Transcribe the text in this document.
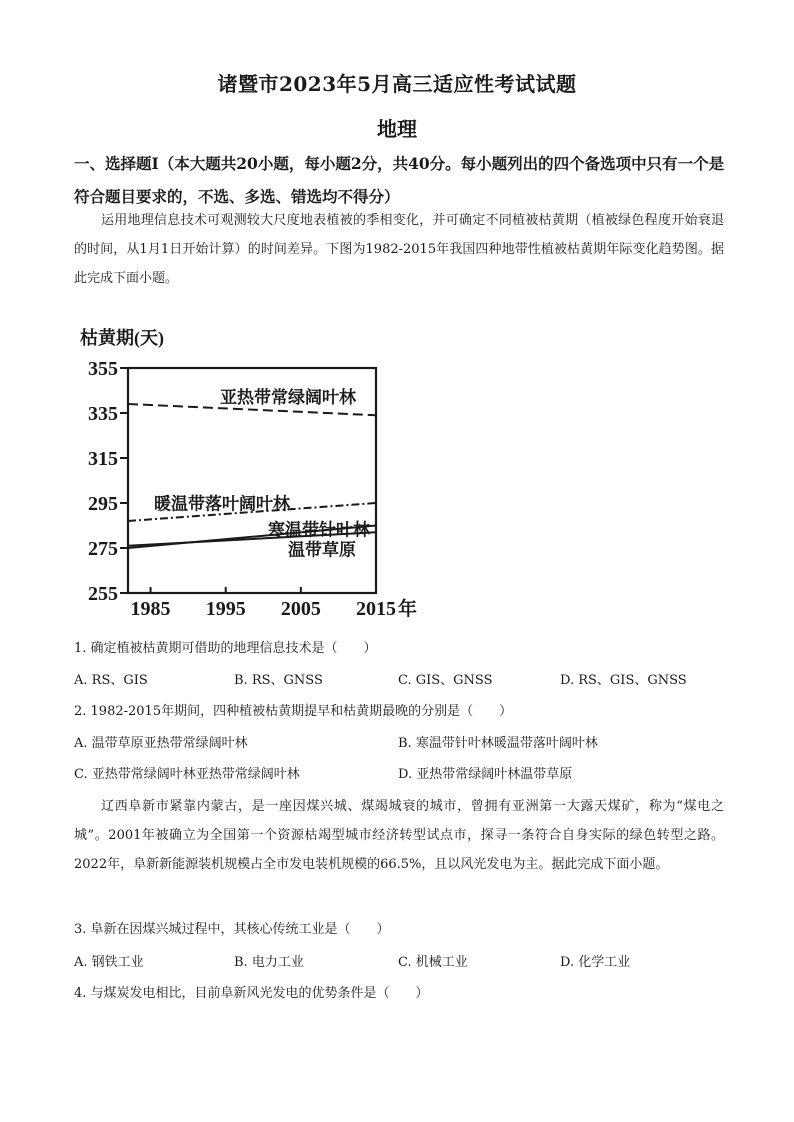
诸暨市2023年5月高三适应性考试试题
地理
一、选择题Ⅰ（本大题共20小题，每小题2分，共40分。每小题列出的四个备选项中只有一个是符合题目要求的，不选、多选、错选均不得分）
运用地理信息技术可观测较大尺度地表植被的季相变化，并可确定不同植被枯黄期（植被绿色程度开始衰退的时间，从1月1日开始计算）的时间差异。下图为1982-2015年我国四种地带性植被枯黄期年际变化趋势图。据此完成下面小题。
枯黄期(天)
355
335
315
295
275
255
1985 1995 2005 2015 年
亚热带常绿阔叶林
暖温带落叶阔叶林
寒温带针叶林
温带草原
1. 确定植被枯黄期可借助的地理信息技术是（　　）
A. RS、GIS	B. RS、GNSS	C. GIS、GNSS	D. RS、GIS、GNSS
2. 1982-2015年期间，四种植被枯黄期提早和枯黄期最晚的分别是（　　）
A. 温带草原亚热带常绿阔叶林	B. 寒温带针叶林暖温带落叶阔叶林
C. 亚热带常绿阔叶林亚热带常绿阔叶林	D. 亚热带常绿阔叶林温带草原
辽西阜新市紧靠内蒙古，是一座因煤兴城、煤竭城衰的城市，曾拥有亚洲第一大露天煤矿，称为“煤电之城”。2001年被确立为全国第一个资源枯竭型城市经济转型试点市，探寻一条符合自身实际的绿色转型之路。2022年，阜新新能源装机规模占全市发电装机规模的66.5%，且以风光发电为主。据此完成下面小题。
3. 阜新在因煤兴城过程中，其核心传统工业是（　　）
A. 钢铁工业	B. 电力工业	C. 机械工业	D. 化学工业
4. 与煤炭发电相比，目前阜新风光发电的优势条件是（　　）
